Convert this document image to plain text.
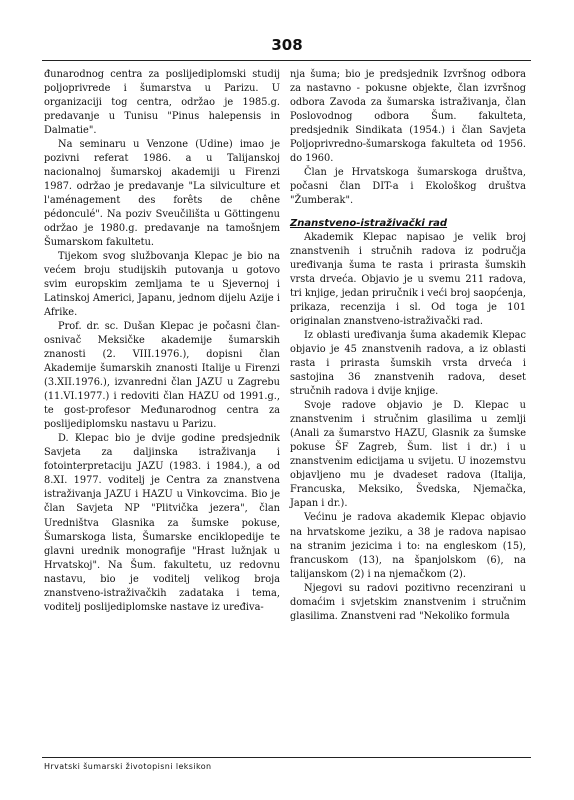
308

đunarodnog centra za poslijediplomski studij poljoprivrede i šumarstva u Parizu. U organizaciji tog centra, održao je 1985.g. predavanje u Tunisu "Pinus halepensis in Dalmatie".

Na seminaru u Venzone (Udine) imao je pozivni referat 1986. a u Talijanskoj nacionalnoj šumarskoj akademiji u Firenzi 1987. održao je predavanje "La silviculture et l'aménagement des forêts de chêne pédonculé". Na poziv Sveučilišta u Göttingenu održao je 1980.g. predavanje na tamošnjem Šumarskom fakultetu.

Tijekom svog službovanja Klepac je bio na većem broju studijskih putovanja u gotovo svim europskim zemljama te u Sjevernoj i Latinskoj Americi, Japanu, jednom dijelu Azije i Afrike.

Prof. dr. sc. Dušan Klepac je počasni član-osnivač Meksičke akademije šumarskih znanosti (2. VIII.1976.), dopisni član Akademije šumarskih znanosti Italije u Firenzi (3.XII.1976.), izvanredni član JAZU u Zagrebu (11.VI.1977.) i redoviti član HAZU od 1991.g., te gost-profesor Međunarodnog centra za poslijediplomsku nastavu u Parizu.

D. Klepac bio je dvije godine predsjednik Savjeta za daljinska istraživanja i fotointerpretaciju JAZU (1983. i 1984.), a od 8.XI. 1977. voditelj je Centra za znanstvena istraživanja JAZU i HAZU u Vinkovcima. Bio je član Savjeta NP "Plitvička jezera", član Uredništva Glasnika za šumske pokuse, Šumarskoga lista, Šumarske enciklopedije te glavni urednik monografije "Hrast lužnjak u Hrvatskoj". Na Šum. fakultetu, uz redovnu nastavu, bio je voditelj velikog broja znanstveno-istraživačkih zadataka i tema, voditelj poslijediplomske nastave iz uređiva-

nja šuma; bio je predsjednik Izvršnog odbora za nastavno - pokusne objekte, član izvršnog odbora Zavoda za šumarska istraživanja, član Poslovodnog odbora Šum. fakulteta, predsjednik Sindikata (1954.) i član Savjeta Poljoprivredno-šumarskoga fakulteta od 1956. do 1960.

Član je Hrvatskoga šumarskoga društva, počasni član DIT-a i Ekološkog društva "Žumberak".

Znanstveno-istraživački rad

Akademik Klepac napisao je velik broj znanstvenih i stručnih radova iz područja uređivanja šuma te rasta i prirasta šumskih vrsta drveća. Objavio je u svemu 211 radova, tri knjige, jedan priručnik i veći broj saopćenja, prikaza, recenzija i sl. Od toga je 101 originalan znanstveno-istraživački rad.

Iz oblasti uređivanja šuma akademik Klepac objavio je 45 znanstvenih radova, a iz oblasti rasta i prirasta šumskih vrsta drveća i sastojina 36 znanstvenih radova, deset stručnih radova i dvije knjige.

Svoje radove objavio je D. Klepac u znanstvenim i stručnim glasilima u zemlji (Anali za šumarstvo HAZU, Glasnik za šumske pokuse ŠF Zagreb, Šum. list i dr.) i u znanstvenim edicijama u svijetu. U inozemstvu objavljeno mu je dvadeset radova (Italija, Francuska, Meksiko, Švedska, Njemačka, Japan i dr.).

Većinu je radova akademik Klepac objavio na hrvatskome jeziku, a 38 je radova napisao na stranim jezicima i to: na engleskom (15), francuskom (13), na španjolskom (6), na talijanskom (2) i na njemačkom (2).

Njegovi su radovi pozitivno recenzirani u domaćim i svjetskim znanstvenim i stručnim glasilima. Znanstveni rad "Nekoliko formula

Hrvatski šumarski životopisni leksikon
